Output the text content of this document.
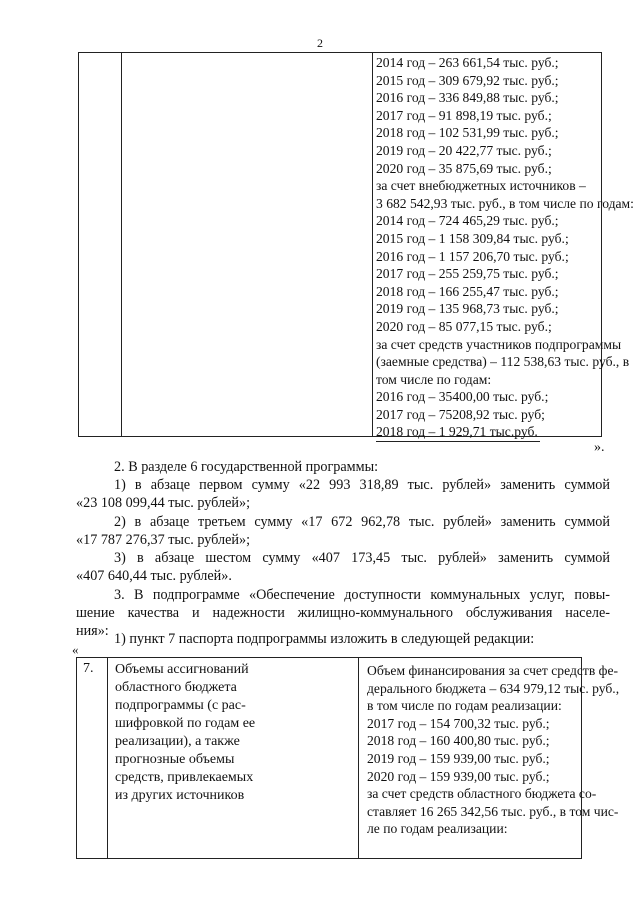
2
2014 год – 263 661,54 тыс. руб.;
2015 год – 309 679,92 тыс. руб.;
2016 год – 336 849,88 тыс. руб.;
2017 год – 91 898,19 тыс. руб.;
2018 год – 102 531,99 тыс. руб.;
2019 год – 20 422,77 тыс. руб.;
2020 год – 35 875,69 тыс. руб.;
за счет внебюджетных источников –
3 682 542,93 тыс. руб., в том числе по годам:
2014 год – 724 465,29 тыс. руб.;
2015 год – 1 158 309,84 тыс. руб.;
2016 год – 1 157 206,70 тыс. руб.;
2017 год – 255 259,75 тыс. руб.;
2018 год – 166 255,47 тыс. руб.;
2019 год – 135 968,73 тыс. руб.;
2020 год – 85 077,15 тыс. руб.;
за счет средств участников подпрограммы
(заемные средства) – 112 538,63 тыс. руб., в
том числе по годам:
2016 год – 35400,00 тыс. руб.;
2017 год – 75208,92 тыс. руб;
2018 год – 1 929,71 тыс.руб.
».
2. В разделе 6 государственной программы:
1) в абзаце первом сумму «22 993 318,89 тыс. рублей» заменить суммой
«23 108 099,44 тыс. рублей»;
2) в абзаце третьем сумму «17 672 962,78 тыс. рублей» заменить суммой
«17 787 276,37 тыс. рублей»;
3) в абзаце шестом сумму «407 173,45 тыс. рублей» заменить суммой
«407 640,44 тыс. рублей».
3. В подпрограмме «Обеспечение доступности коммунальных услуг, повы-
шение качества и надежности жилищно-коммунального обслуживания населе-
ния»: 1) пункт 7 паспорта подпрограммы изложить в следующей редакции:
«
7. Объемы ассигнований
областного бюджета
подпрограммы (с рас-
шифровкой по годам ее
реализации), а также
прогнозные объемы
средств, привлекаемых
из других источников
Объем финансирования за счет средств фе-
дерального бюджета – 634 979,12 тыс. руб.,
в том числе по годам реализации:
2017 год – 154 700,32 тыс. руб.;
2018 год – 160 400,80 тыс. руб.;
2019 год – 159 939,00 тыс. руб.;
2020 год – 159 939,00 тыс. руб.;
за счет средств областного бюджета со-
ставляет 16 265 342,56 тыс. руб., в том чис-
ле по годам реализации:
